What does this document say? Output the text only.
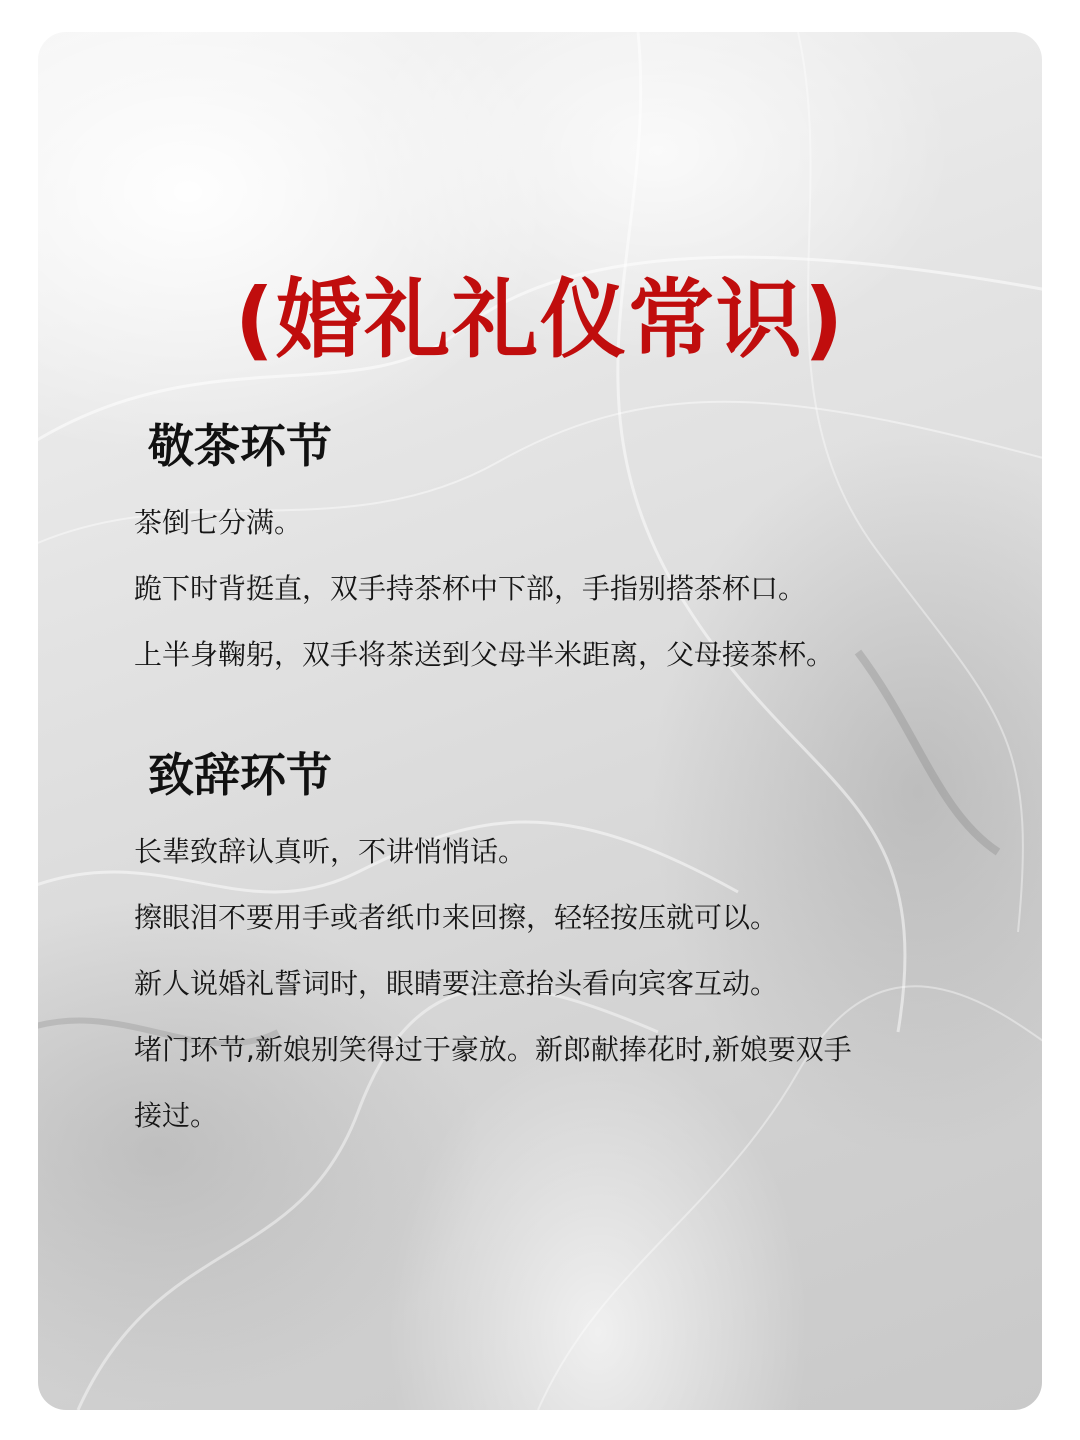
(婚礼礼仪常识)
敬茶环节
茶倒七分满。
跪下时背挺直，双手持茶杯中下部，手指别搭茶杯口。
上半身鞠躬，双手将茶送到父母半米距离，父母接茶杯。
致辞环节
长辈致辞认真听，不讲悄悄话。
擦眼泪不要用手或者纸巾来回擦，轻轻按压就可以。
新人说婚礼誓词时，眼睛要注意抬头看向宾客互动。
堵门环节,新娘别笑得过于豪放。新郎献捧花时,新娘要双手
接过。
